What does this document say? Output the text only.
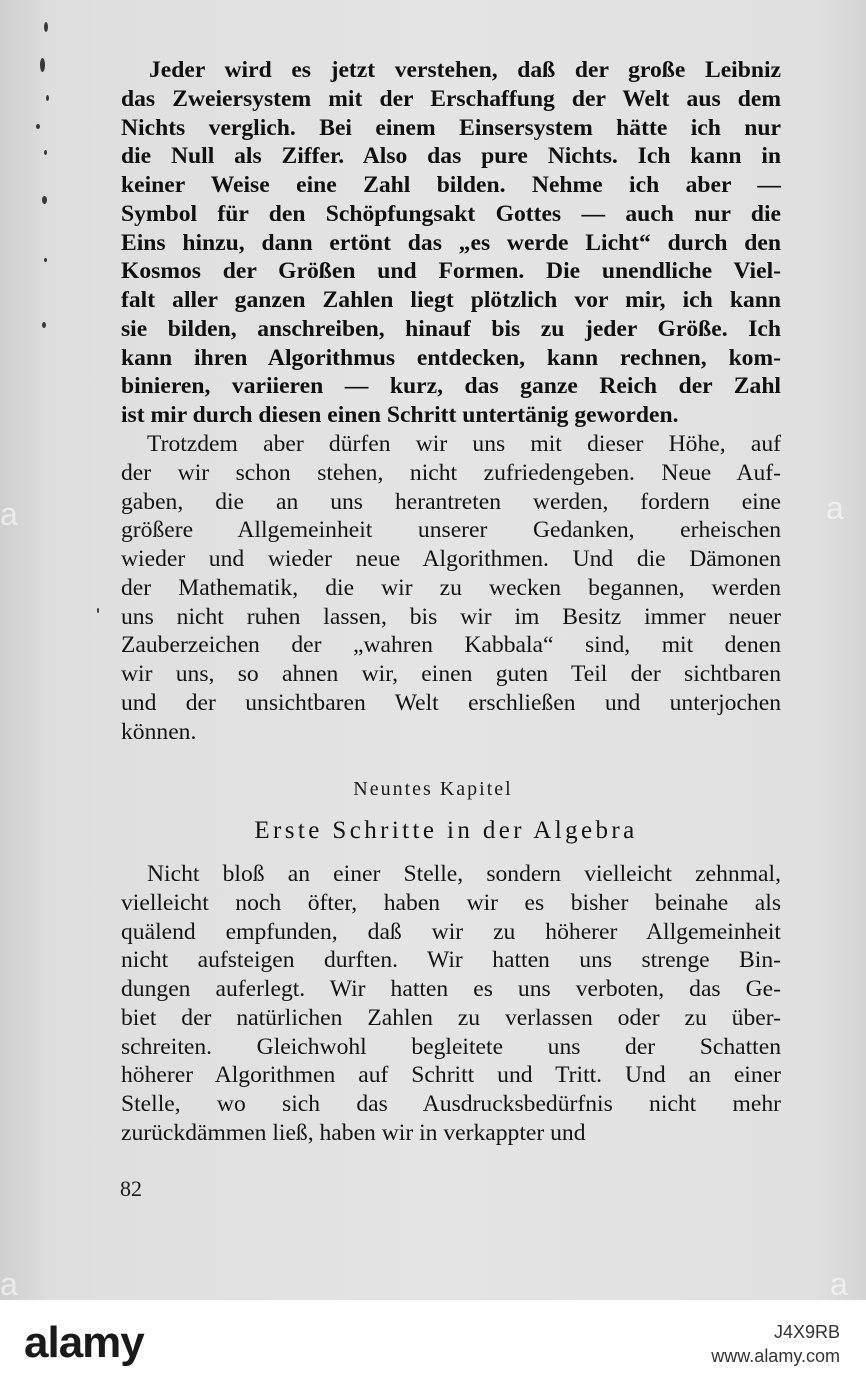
Jeder wird es jetzt verstehen, daß der große Leibniz
das Zweiersystem mit der Erschaffung der Welt aus dem
Nichts verglich. Bei einem Einsersystem hätte ich nur
die Null als Ziffer. Also das pure Nichts. Ich kann in
keiner Weise eine Zahl bilden. Nehme ich aber —
Symbol für den Schöpfungsakt Gottes — auch nur die
Eins hinzu, dann ertönt das „es werde Licht“ durch den
Kosmos der Größen und Formen. Die unendliche Viel-
falt aller ganzen Zahlen liegt plötzlich vor mir, ich kann
sie bilden, anschreiben, hinauf bis zu jeder Größe. Ich
kann ihren Algorithmus entdecken, kann rechnen, kom-
binieren, variieren — kurz, das ganze Reich der Zahl
ist mir durch diesen einen Schritt untertänig geworden.

Trotzdem aber dürfen wir uns mit dieser Höhe, auf
der wir schon stehen, nicht zufriedengeben. Neue Auf-
gaben, die an uns herantreten werden, fordern eine
größere Allgemeinheit unserer Gedanken, erheischen
wieder und wieder neue Algorithmen. Und die Dämonen
der Mathematik, die wir zu wecken begannen, werden
uns nicht ruhen lassen, bis wir im Besitz immer neuer
Zauberzeichen der „wahren Kabbala“ sind, mit denen
wir uns, so ahnen wir, einen guten Teil der sichtbaren
und der unsichtbaren Welt erschließen und unterjochen
können.

Neuntes Kapitel

Erste Schritte in der Algebra

Nicht bloß an einer Stelle, sondern vielleicht zehnmal,
vielleicht noch öfter, haben wir es bisher beinahe als
quälend empfunden, daß wir zu höherer Allgemeinheit
nicht aufsteigen durften. Wir hatten uns strenge Bin-
dungen auferlegt. Wir hatten es uns verboten, das Ge-
biet der natürlichen Zahlen zu verlassen oder zu über-
schreiten. Gleichwohl begleitete uns der Schatten
höherer Algorithmen auf Schritt und Tritt. Und an einer
Stelle, wo sich das Ausdrucksbedürfnis nicht mehr
zurückdämmen ließ, haben wir in verkappter und

82

a	a
a	a
alamy	J4X9RB
www.alamy.com
